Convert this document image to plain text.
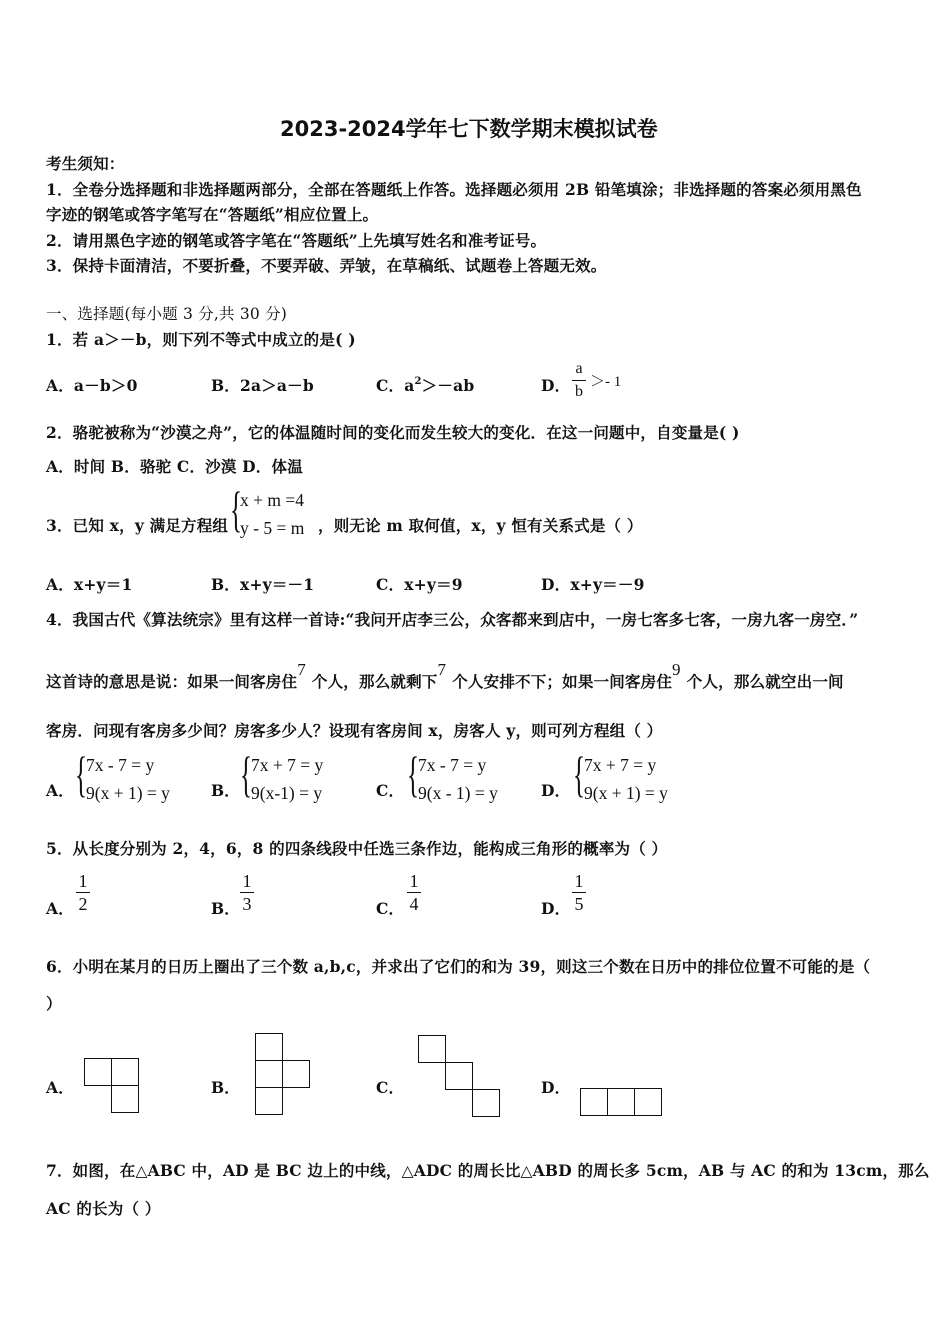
2023-2024学年七下数学期末模拟试卷
考生须知：
1．全卷分选择题和非选择题两部分，全部在答题纸上作答。选择题必须用 2B 铅笔填涂；非选择题的答案必须用黑色
字迹的钢笔或答字笔写在“答题纸”相应位置上。
2．请用黑色字迹的钢笔或答字笔在“答题纸”上先填写姓名和准考证号。
3．保持卡面清洁，不要折叠，不要弄破、弄皱，在草稿纸、试题卷上答题无效。
一、选择题(每小题 3 分,共 30 分)
1．若 a＞－b，则下列不等式中成立的是( )
A．a－b＞0	B．2a＞a－b	C．$a^2>-ab$	D．
a
b
＞- 1
2．骆驼被称为“沙漠之舟”，它的体温随时间的变化而发生较大的变化．在这一问题中，自变量是( )
A．时间 B．骆驼 C．沙漠 D．体温
3．已知 x，y 满足方程组 {
x + m =4
y - 5 = m ，则无论 m 取何值，x，y 恒有关系式是（ ）
A．x+y＝1	B．x+y＝－1	C．x+y＝9	D．x+y＝－9
4．我国古代《算法统宗》里有这样一首诗:“我问开店李三公，众客都来到店中，一房七客多七客，一房九客一房空．”
这首诗的意思是说：如果一间客房住7个人，那么就剩下7个人安排不下；如果一间客房住9个人，那么就空出一间
客房．问现有客房多少间？房客多少人？设现有客房间 x，房客人 y，则可列方程组（ ）
A． { 7x - 7 = y
9(x + 1) = y	B． { 7x + 7 = y
9(x-1) = y	C． { 7x - 7 = y
9(x - 1) = y	D． { 7x + 7 = y
9(x + 1) = y
5．从长度分别为 2，4，6，8 的四条线段中任选三条作边，能构成三角形的概率为（ ）
A．
1
2	B．
1
3	C．
1
4	D．
1
5
6．小明在某月的日历上圈出了三个数 a,b,c，并求出了它们的和为 39，则这三个数在日历中的排位位置不可能的是（
）
A．	B．	C．	D．
7．如图，在△ABC 中，AD 是 BC 边上的中线，△ADC 的周长比△ABD 的周长多 5cm，AB 与 AC 的和为 13cm，那么
AC 的长为（ ）
